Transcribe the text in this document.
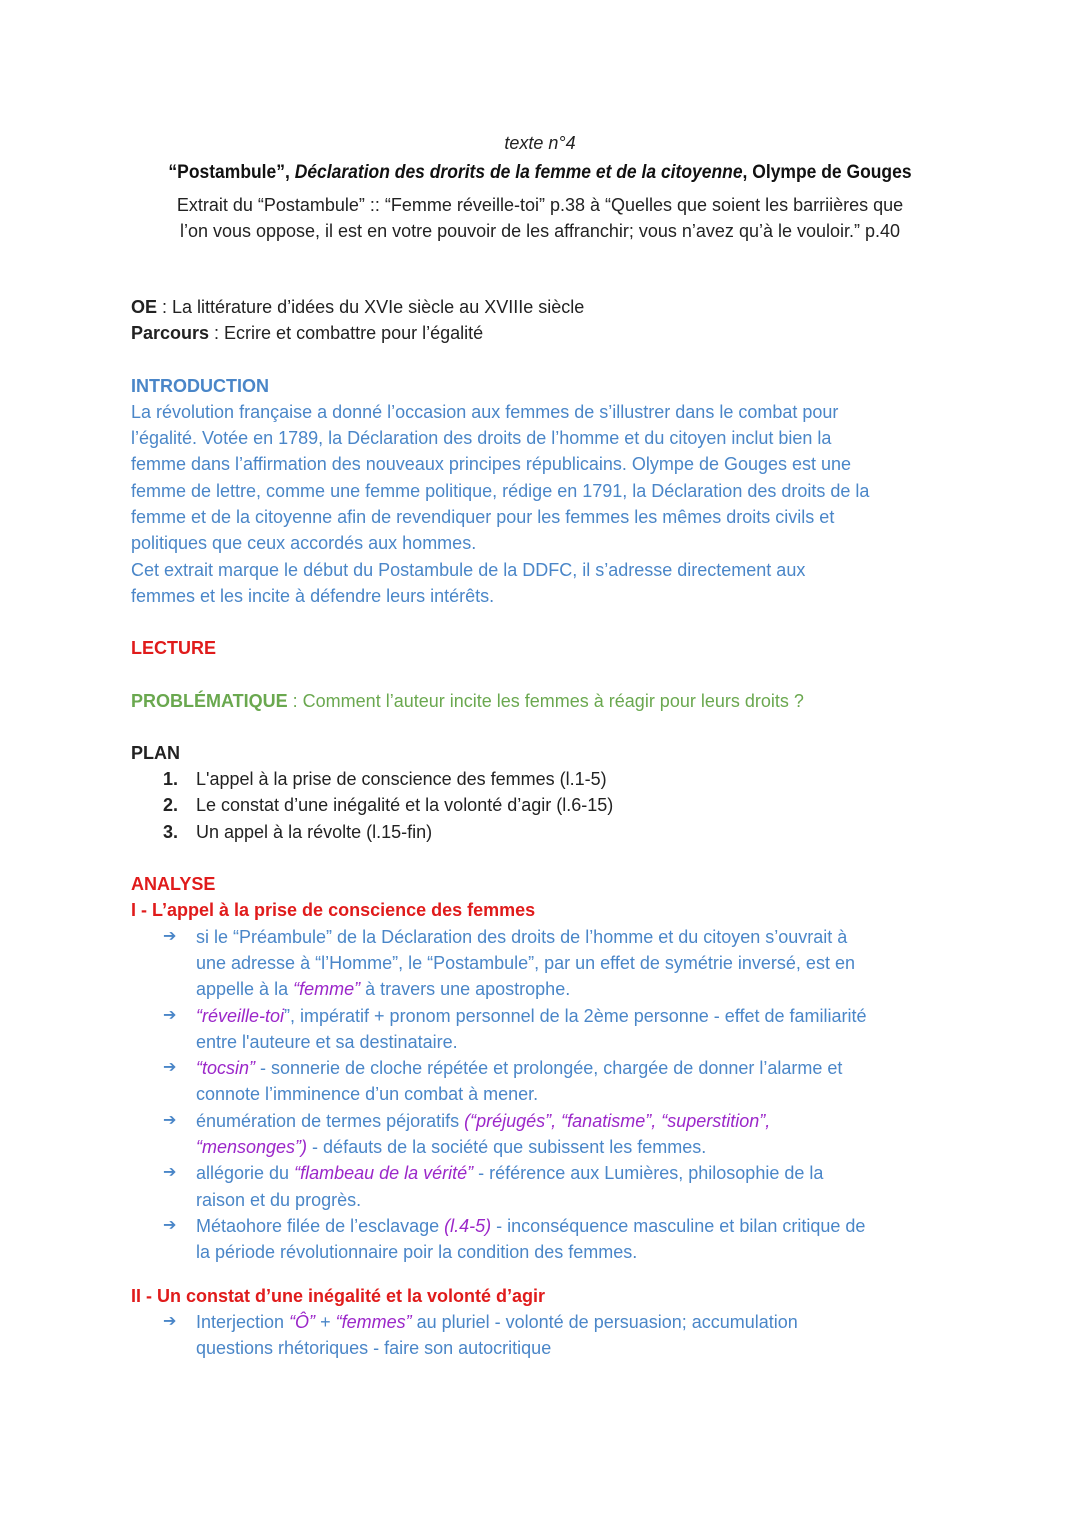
texte n°4
“Postambule”, Déclaration des drorits de la femme et de la citoyenne, Olympe de Gouges
Extrait du “Postambule” :: “Femme réveille-toi” p.38 à “Quelles que soient les barriières que
l’on vous oppose, il est en votre pouvoir de les affranchir; vous n’avez qu’à le vouloir.” p.40
OE : La littérature d’idées du XVIe siècle au XVIIIe siècle
Parcours : Ecrire et combattre pour l’égalité
INTRODUCTION
La révolution française a donné l’occasion aux femmes de s’illustrer dans le combat pour
l’égalité. Votée en 1789, la Déclaration des droits de l’homme et du citoyen inclut bien la
femme dans l’affirmation des nouveaux principes républicains. Olympe de Gouges est une
femme de lettre, comme une femme politique, rédige en 1791, la Déclaration des droits de la
femme et de la citoyenne afin de revendiquer pour les femmes les mêmes droits civils et
politiques que ceux accordés aux hommes.
Cet extrait marque le début du Postambule de la DDFC, il s’adresse directement aux
femmes et les incite à défendre leurs intérêts.
LECTURE
PROBLÉMATIQUE : Comment l’auteur incite les femmes à réagir pour leurs droits ?
PLAN
1. L'appel à la prise de conscience des femmes (l.1-5)
2. Le constat d’une inégalité et la volonté d’agir (l.6-15)
3. Un appel à la révolte (l.15-fin)
ANALYSE
I - L’appel à la prise de conscience des femmes
➔ si le “Préambule” de la Déclaration des droits de l’homme et du citoyen s’ouvrait à
une adresse à “l’Homme”, le “Postambule”, par un effet de symétrie inversé, est en
appelle à la “femme” à travers une apostrophe.
➔ “réveille-toi”, impératif + pronom personnel de la 2ème personne - effet de familiarité
entre l'auteure et sa destinataire.
➔ “tocsin” - sonnerie de cloche répétée et prolongée, chargée de donner l’alarme et
connote l’imminence d’un combat à mener.
➔ énumération de termes péjoratifs (“préjugés”, “fanatisme”, “superstition”,
“mensonges”) - défauts de la société que subissent les femmes.
➔ allégorie du “flambeau de la vérité” - référence aux Lumières, philosophie de la
raison et du progrès.
➔ Métaohore filée de l’esclavage (l.4-5) - inconséquence masculine et bilan critique de
la période révolutionnaire poir la condition des femmes.
II - Un constat d’une inégalité et la volonté d’agir
➔ Interjection “Ô” + “femmes” au pluriel - volonté de persuasion; accumulation
questions rhétoriques - faire son autocritique
